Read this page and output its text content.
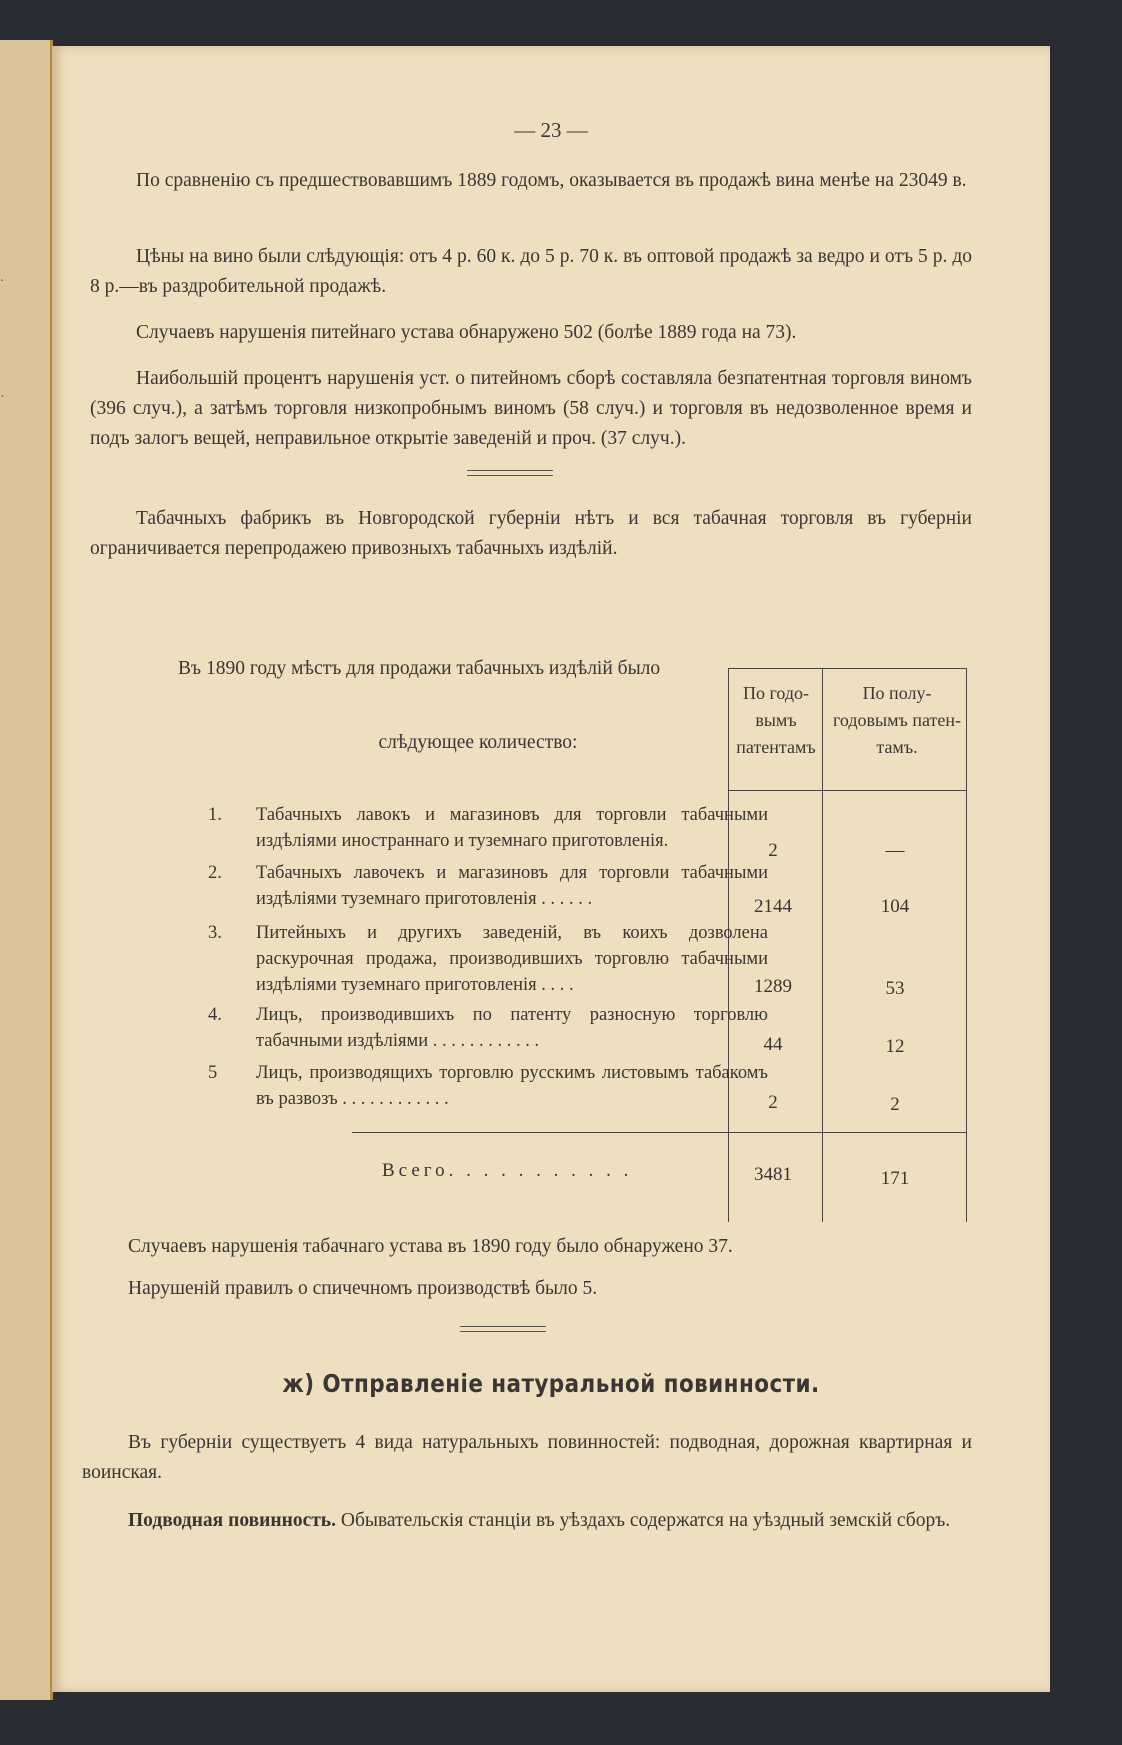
.
·
— 23 —

По сравненію съ предшествовавшимъ 1889 годомъ, оказывается въ продажѣ вина менѣе на 23049 в.

Цѣны на вино были слѣдующія: отъ 4 р. 60 к. до 5 р. 70 к. въ оптовой продажѣ за ведро и отъ 5 р. до 8 р.—въ раздробительной продажѣ.

Случаевъ нарушенія питейнаго устава обнаружено 502 (болѣе 1889 года на 73).

Наибольшій процентъ нарушенія уст. о питейномъ сборѣ составляла безпатентная торговля виномъ (396 случ.), а затѣмъ торговля низкопробнымъ виномъ (58 случ.) и торговля въ недозволенное время и подъ залогъ вещей, неправильное открытіе заведеній и проч. (37 случ.).

Табачныхъ фабрикъ въ Новгородской губерніи нѣтъ и вся табачная торговля въ губерніи ограничивается перепродажею привозныхъ табачныхъ издѣлій.

Въ 1890 году мѣстъ для продажи табачныхъ издѣлій было
слѣдующее количество:
По годо- вымъ патентамъ
По полу- годовымъ патен- тамъ.
1. Табачныхъ лавокъ и магазиновъ для торговли табачными издѣліями иностраннаго и туземнаго приготовленія.	2	—
2. Табачныхъ лавочекъ и магазиновъ для торговли табачными издѣліями туземнаго приготовленія . . . . . .	2144	104
3. Питейныхъ и другихъ заведеній, въ коихъ дозволена раскурочная продажа, производившихъ торговлю табачными издѣліями туземнаго приготовленія . . . .	1289	53
4. Лицъ, производившихъ по патенту разносную торговлю табачными издѣліями . . . . . . . . . . . .	44	12
5 Лицъ, производящихъ торговлю русскимъ листовымъ табакомъ въ развозъ . . . . . . . . . . . .	2	2
Всего. . . . . . . . . . .	3481	171

Случаевъ нарушенія табачнаго устава въ 1890 году было обнаружено 37.

Нарушеній правилъ о спичечномъ производствѣ было 5.

ж) Отправленіе натуральной повинности.

Въ губерніи существуетъ 4 вида натуральныхъ повинностей: подводная, дорожная квартирная и воинская.

Подводная повинность. Обывательскія станціи въ уѣздахъ содержатся на уѣздный земскій сборъ.
